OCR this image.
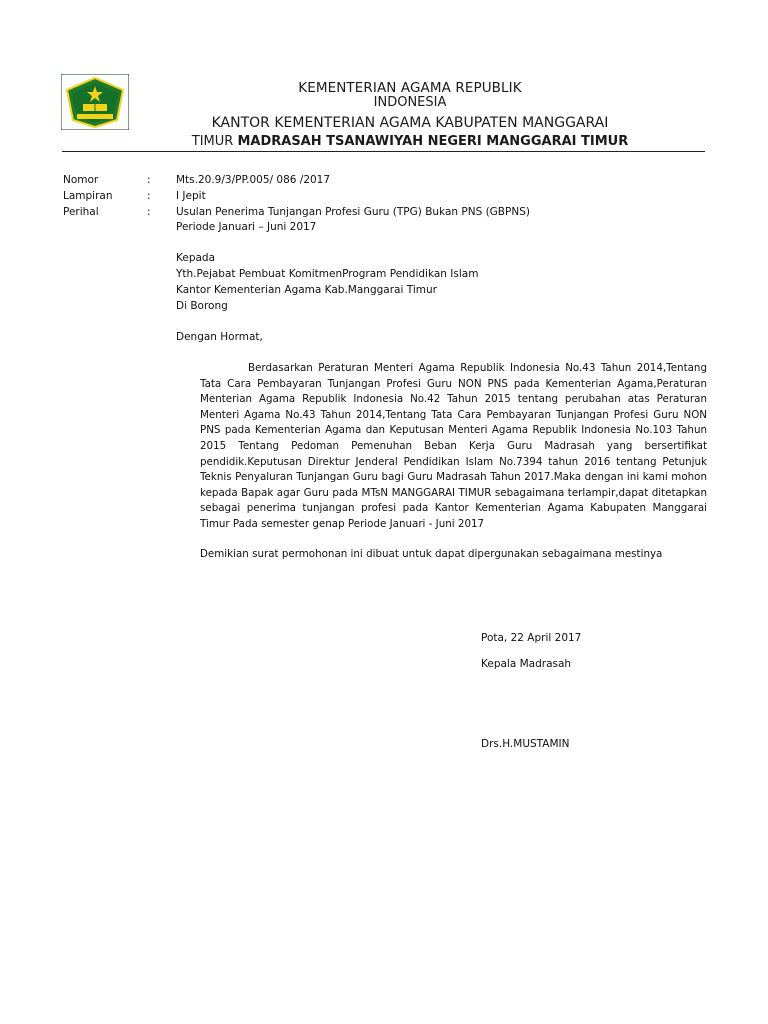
KEMENTERIAN AGAMA REPUBLIK
INDONESIA
KANTOR KEMENTERIAN AGAMA KABUPATEN MANGGARAI
TIMUR MADRASAH TSANAWIYAH NEGERI MANGGARAI TIMUR
Nomor	: Mts.20.9/3/PP.005/ 086 /2017
Lampiran	: I Jepit
Perihal	: Usulan Penerima Tunjangan Profesi Guru (TPG) Bukan PNS (GBPNS)
Periode Januari – Juni 2017
Kepada
Yth.Pejabat Pembuat KomitmenProgram Pendidikan Islam
Kantor Kementerian Agama Kab.Manggarai Timur
Di Borong
Dengan Hormat,
Berdasarkan Peraturan Menteri Agama Republik Indonesia No.43 Tahun 2014,Tentang Tata Cara Pembayaran Tunjangan Profesi Guru NON PNS pada Kementerian Agama,Peraturan Menterian Agama Republik Indonesia No.42 Tahun 2015 tentang perubahan atas Peraturan Menteri Agama No.43 Tahun 2014,Tentang Tata Cara Pembayaran Tunjangan Profesi Guru NON PNS pada Kementerian Agama dan Keputusan Menteri Agama Republik Indonesia No.103 Tahun 2015 Tentang Pedoman Pemenuhan Beban Kerja Guru Madrasah yang bersertifikat pendidik.Keputusan Direktur Jenderal Pendidikan Islam No.7394 tahun 2016 tentang Petunjuk Teknis Penyaluran Tunjangan Guru bagi Guru Madrasah Tahun 2017.Maka dengan ini kami mohon kepada Bapak agar Guru pada MTsN MANGGARAI TIMUR sebagaimana terlampir,dapat ditetapkan sebagai penerima tunjangan profesi pada Kantor Kementerian Agama Kabupaten Manggarai Timur Pada semester genap Periode Januari - Juni 2017
Demikian surat permohonan ini dibuat untuk dapat dipergunakan sebagaimana mestinya
Pota, 22 April 2017
Kepala Madrasah
Drs.H.MUSTAMIN
